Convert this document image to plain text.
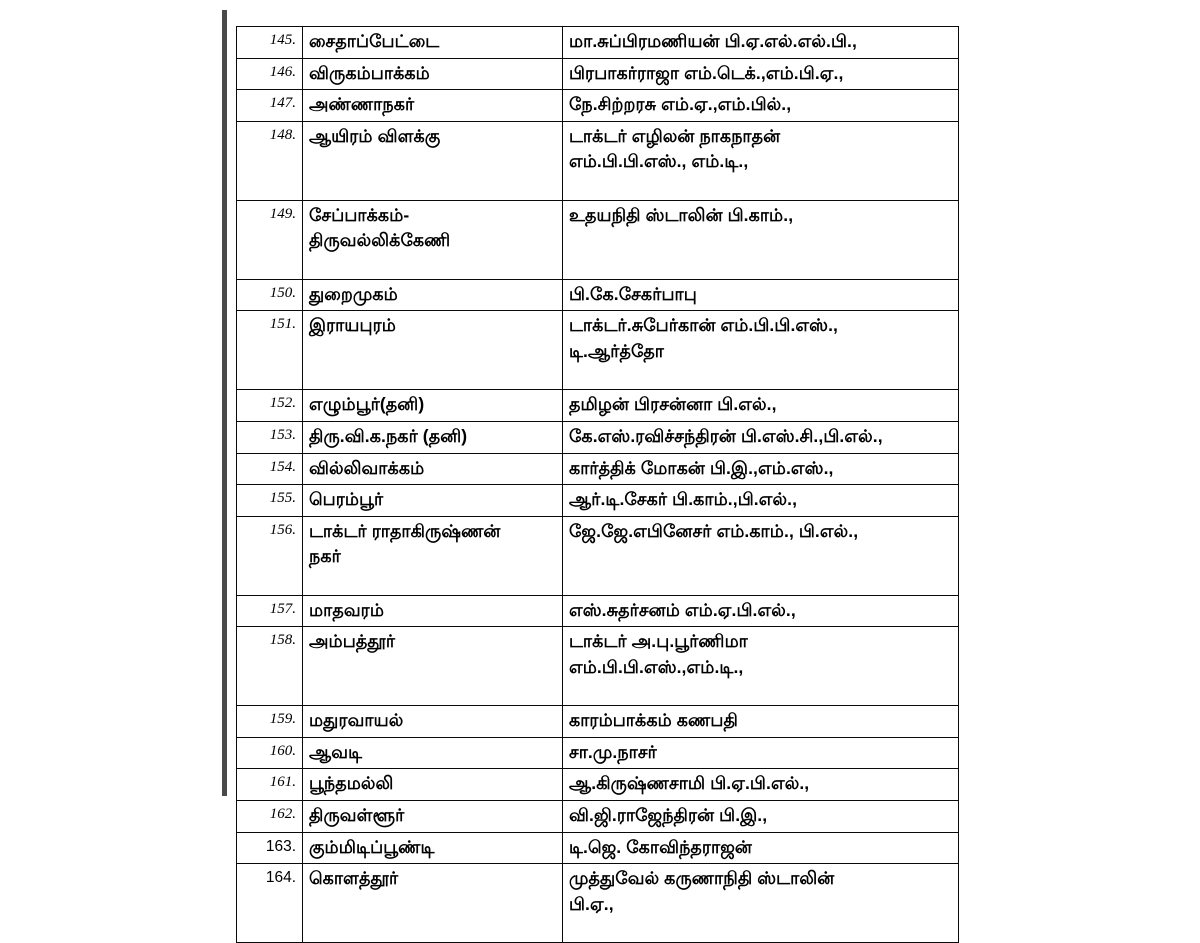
145.	சைதாப்பேட்டை	மா.சுப்பிரமணியன் பி.ஏ.எல்.எல்.பி.,

146.	விருகம்பாக்கம்	பிரபாகர்ராஜா எம்.டெக்.,எம்.பி.ஏ.,

147.	அண்ணாநகர்	நே.சிற்றரசு எம்.ஏ.,எம்.பில்.,

148.	ஆயிரம் விளக்கு	டாக்டர் எழிலன் நாகநாதன்
எம்.பி.பி.எஸ்., எம்.டி.,

149.	சேப்பாக்கம்-
திருவல்லிக்கேணி	உதயநிதி ஸ்டாலின் பி.காம்.,

150.	துறைமுகம்	பி.கே.சேகர்பாபு

151.	இராயபுரம்	டாக்டர்.சுபேர்கான் எம்.பி.பி.எஸ்.,
டி.ஆர்த்தோ

152.	எழும்பூர்(தனி)	தமிழன் பிரசன்னா பி.எல்.,

153.	திரு.வி.க.நகர் (தனி)	கே.எஸ்.ரவிச்சந்திரன் பி.எஸ்.சி.,பி.எல்.,

154.	வில்லிவாக்கம்	கார்த்திக் மோகன் பி.இ.,எம்.எஸ்.,

155.	பெரம்பூர்	ஆர்.டி.சேகர் பி.காம்.,பி.எல்.,

156.	டாக்டர் ராதாகிருஷ்ணன்
நகர்	ஜே.ஜே.எபினேசர் எம்.காம்., பி.எல்.,

157.	மாதவரம்	எஸ்.சுதர்சனம் எம்.ஏ.பி.எல்.,

158.	அம்பத்தூர்	டாக்டர் அ.பு.பூர்ணிமா
எம்.பி.பி.எஸ்.,எம்.டி.,

159.	மதுரவாயல்	காரம்பாக்கம் கணபதி

160.	ஆவடி	சா.மு.நாசர்

161.	பூந்தமல்லி	ஆ.கிருஷ்ணசாமி பி.ஏ.பி.எல்.,

162.	திருவள்ளூர்	வி.ஜி.ராஜேந்திரன் பி.இ.,

163.	கும்மிடிப்பூண்டி	டி.ஜெ. கோவிந்தராஜன்

164.	கொளத்தூர்	முத்துவேல் கருணாநிதி ஸ்டாலின்
பி.ஏ.,
